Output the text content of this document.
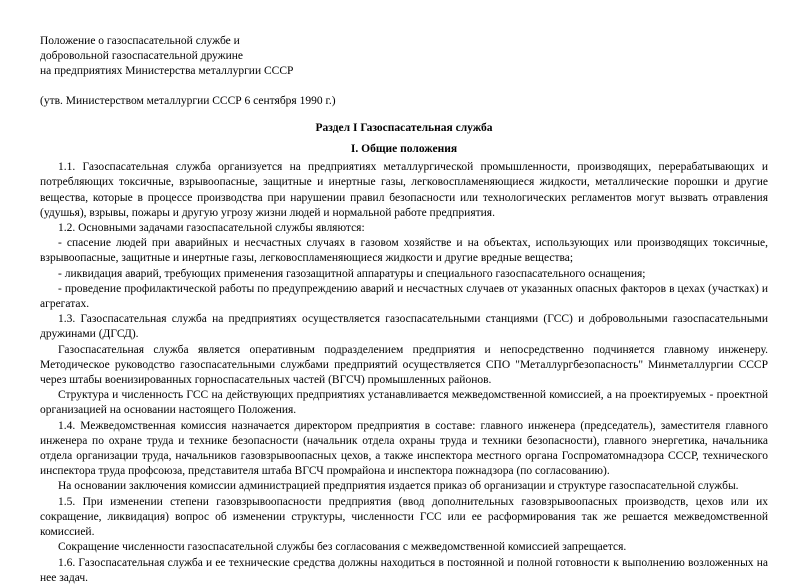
Положение о газоспасательной службе и
добровольной газоспасательной дружине
на предприятиях Министерства металлургии СССР

(утв. Министерством металлургии СССР 6 сентября 1990 г.)

Раздел I Газоспасательная служба

I. Общие положения

1.1. Газоспасательная служба организуется на предприятиях металлургической промышленности, производящих, перерабатывающих и потребляющих токсичные, взрывоопасные, защитные и инертные газы, легковоспламеняющиеся жидкости, металлические порошки и другие вещества, которые в процессе производства при нарушении правил безопасности или технологических регламентов могут вызвать отравления (удушья), взрывы, пожары и другую угрозу жизни людей и нормальной работе предприятия.

1.2. Основными задачами газоспасательной службы являются:

- спасение людей при аварийных и несчастных случаях в газовом хозяйстве и на объектах, использующих или производящих токсичные, взрывоопасные, защитные и инертные газы, легковоспламеняющиеся жидкости и другие вредные вещества;

- ликвидация аварий, требующих применения газозащитной аппаратуры и специального газоспасательного оснащения;

- проведение профилактической работы по предупреждению аварий и несчастных случаев от указанных опасных факторов в цехах (участках) и агрегатах.

1.3. Газоспасательная служба на предприятиях осуществляется газоспасательными станциями (ГСС) и добровольными газоспасательными дружинами (ДГСД).

Газоспасательная служба является оперативным подразделением предприятия и непосредственно подчиняется главному инженеру. Методическое руководство газоспасательными службами предприятий осуществляется СПО "Металлургбезопасность" Минметаллургии СССР через штабы военизированных горноспасательных частей (ВГСЧ) промышленных районов.

Структура и численность ГСС на действующих предприятиях устанавливается межведомственной комиссией, а на проектируемых - проектной организацией на основании настоящего Положения.

1.4. Межведомственная комиссия назначается директором предприятия в составе: главного инженера (председатель), заместителя главного инженера по охране труда и технике безопасности (начальник отдела охраны труда и техники безопасности), главного энергетика, начальника отдела организации труда, начальников газовзрывоопасных цехов, а также инспектора местного органа Госпроматомнадзора СССР, технического инспектора труда профсоюза, представителя штаба ВГСЧ промрайона и инспектора пожнадзора (по согласованию).

На основании заключения комиссии администрацией предприятия издается приказ об организации и структуре газоспасательной службы.

1.5. При изменении степени газовзрывоопасности предприятия (ввод дополнительных газовзрывоопасных производств, цехов или их сокращение, ликвидация) вопрос об изменении структуры, численности ГСС или ее расформирования так же решается межведомственной комиссией.

Сокращение численности газоспасательной службы без согласования с межведомственной комиссией запрещается.

1.6. Газоспасательная служба и ее технические средства должны находиться в постоянной и полной готовности к выполнению возложенных на нее задач.
